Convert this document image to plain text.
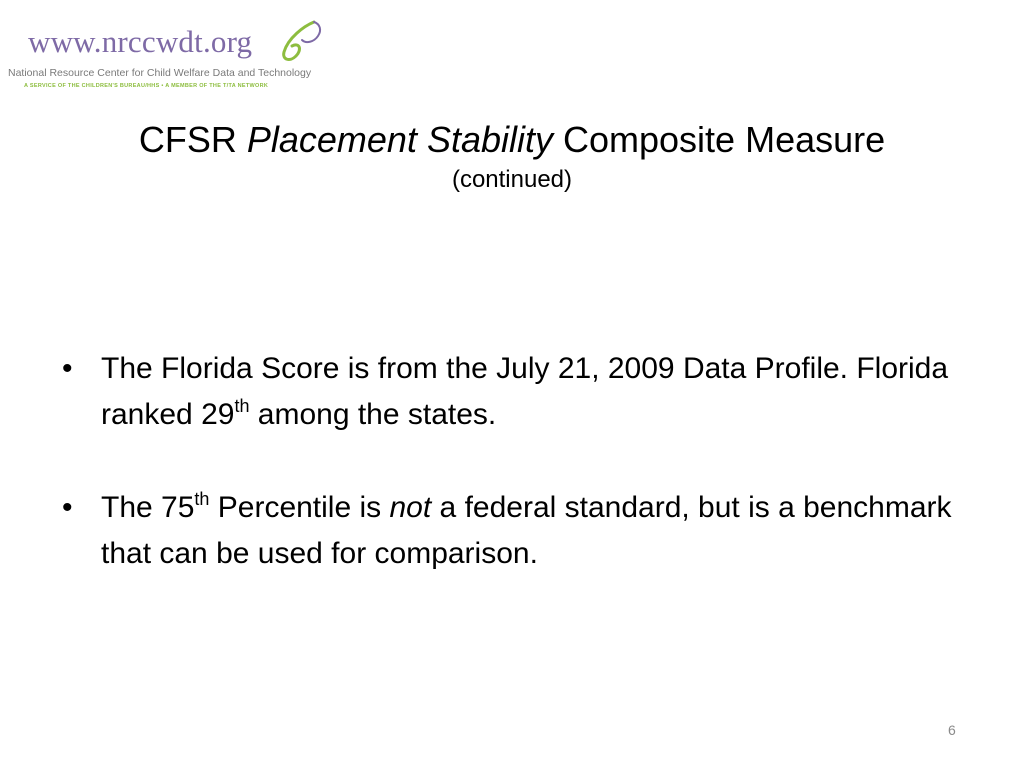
www.nrccwdt.org
National Resource Center for Child Welfare Data and Technology
A SERVICE OF THE CHILDREN'S BUREAU/HHS • A MEMBER OF THE T/TA NETWORK
CFSR Placement Stability Composite Measure
(continued)
• The Florida Score is from the July 21, 2009 Data Profile. Florida ranked 29th among the states.
• The 75th Percentile is not a federal standard, but is a benchmark that can be used for comparison.
6
